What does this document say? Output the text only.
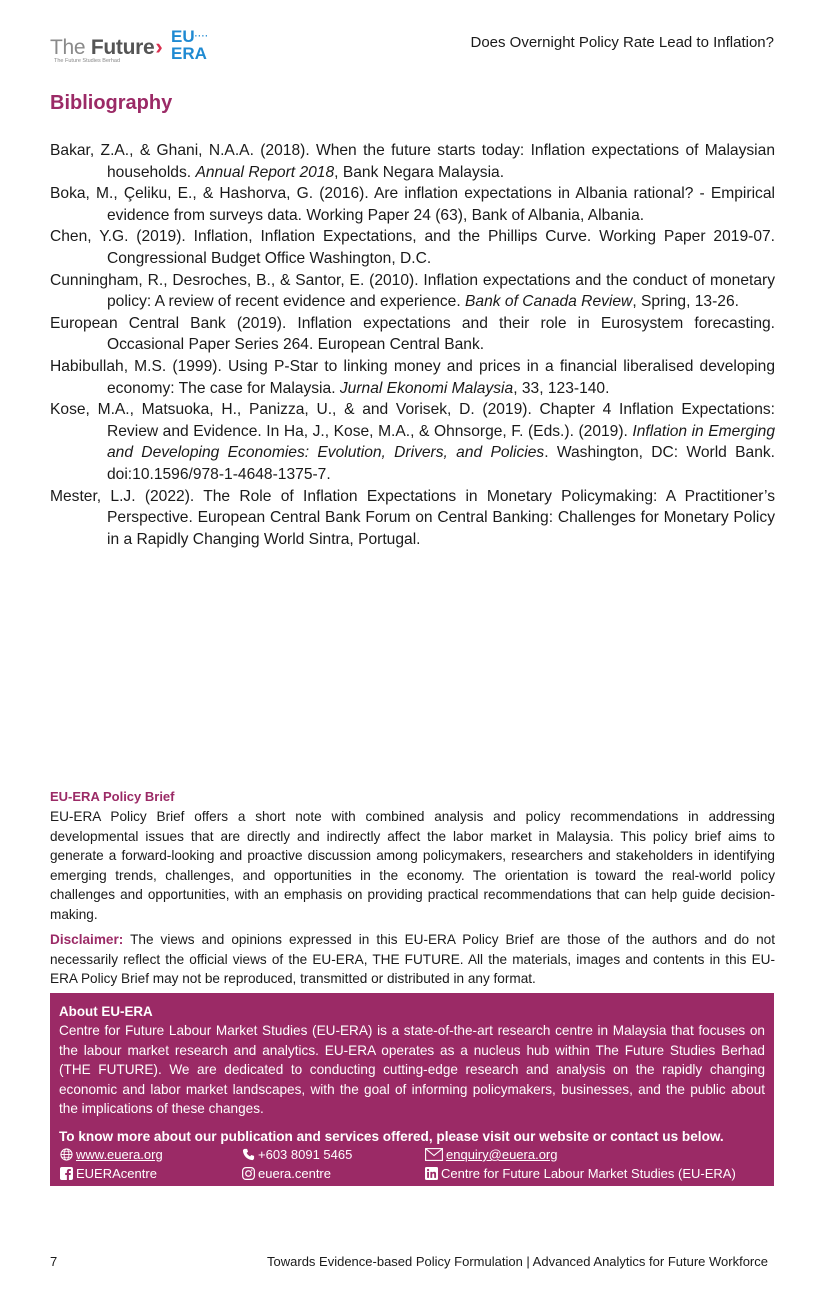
The Future›
The Future Studies Berhad
EU····
ERA
Does Overnight Policy Rate Lead to Inflation?
Bibliography
Bakar, Z.A., & Ghani, N.A.A. (2018). When the future starts today: Inflation expectations of Malaysian households. Annual Report 2018, Bank Negara Malaysia.
Boka, M., Çeliku, E., & Hashorva, G. (2016). Are inflation expectations in Albania rational? - Empirical evidence from surveys data. Working Paper 24 (63), Bank of Albania, Albania.
Chen, Y.G. (2019). Inflation, Inflation Expectations, and the Phillips Curve. Working Paper 2019-07. Congressional Budget Office Washington, D.C.
Cunningham, R., Desroches, B., & Santor, E. (2010). Inflation expectations and the conduct of monetary policy: A review of recent evidence and experience. Bank of Canada Review, Spring, 13-26.
European Central Bank (2019). Inflation expectations and their role in Eurosystem forecasting. Occasional Paper Series 264. European Central Bank.
Habibullah, M.S. (1999). Using P-Star to linking money and prices in a financial liberalised developing economy: The case for Malaysia. Jurnal Ekonomi Malaysia, 33, 123-140.
Kose, M.A., Matsuoka, H., Panizza, U., & and Vorisek, D. (2019). Chapter 4 Inflation Expectations: Review and Evidence. In Ha, J., Kose, M.A., & Ohnsorge, F. (Eds.). (2019). Inflation in Emerging and Developing Economies: Evolution, Drivers, and Policies. Washington, DC: World Bank. doi:10.1596/978-1-4648-1375-7.
Mester, L.J. (2022). The Role of Inflation Expectations in Monetary Policymaking: A Practitioner’s Perspective. European Central Bank Forum on Central Banking: Challenges for Monetary Policy in a Rapidly Changing World Sintra, Portugal.
EU-ERA Policy Brief
EU-ERA Policy Brief offers a short note with combined analysis and policy recommendations in addressing developmental issues that are directly and indirectly affect the labor market in Malaysia. This policy brief aims to generate a forward-looking and proactive discussion among policymakers, researchers and stakeholders in identifying emerging trends, challenges, and opportunities in the economy. The orientation is toward the real-world policy challenges and opportunities, with an emphasis on providing practical recommendations that can help guide decision-making.
Disclaimer: The views and opinions expressed in this EU-ERA Policy Brief are those of the authors and do not necessarily reflect the official views of the EU-ERA, THE FUTURE. All the materials, images and contents in this EU-ERA Policy Brief may not be reproduced, transmitted or distributed in any format.
About EU-ERA
Centre for Future Labour Market Studies (EU-ERA) is a state-of-the-art research centre in Malaysia that focuses on the labour market research and analytics. EU-ERA operates as a nucleus hub within The Future Studies Berhad (THE FUTURE). We are dedicated to conducting cutting-edge research and analysis on the rapidly changing economic and labor market landscapes, with the goal of informing policymakers, businesses, and the public about the implications of these changes.
To know more about our publication and services offered, please visit our website or contact us below.
www.euera.org	+603 8091 5465	enquiry@euera.org
EUERAcentre	euera.centre	Centre for Future Labour Market Studies (EU-ERA)
7	Towards Evidence-based Policy Formulation | Advanced Analytics for Future Workforce
